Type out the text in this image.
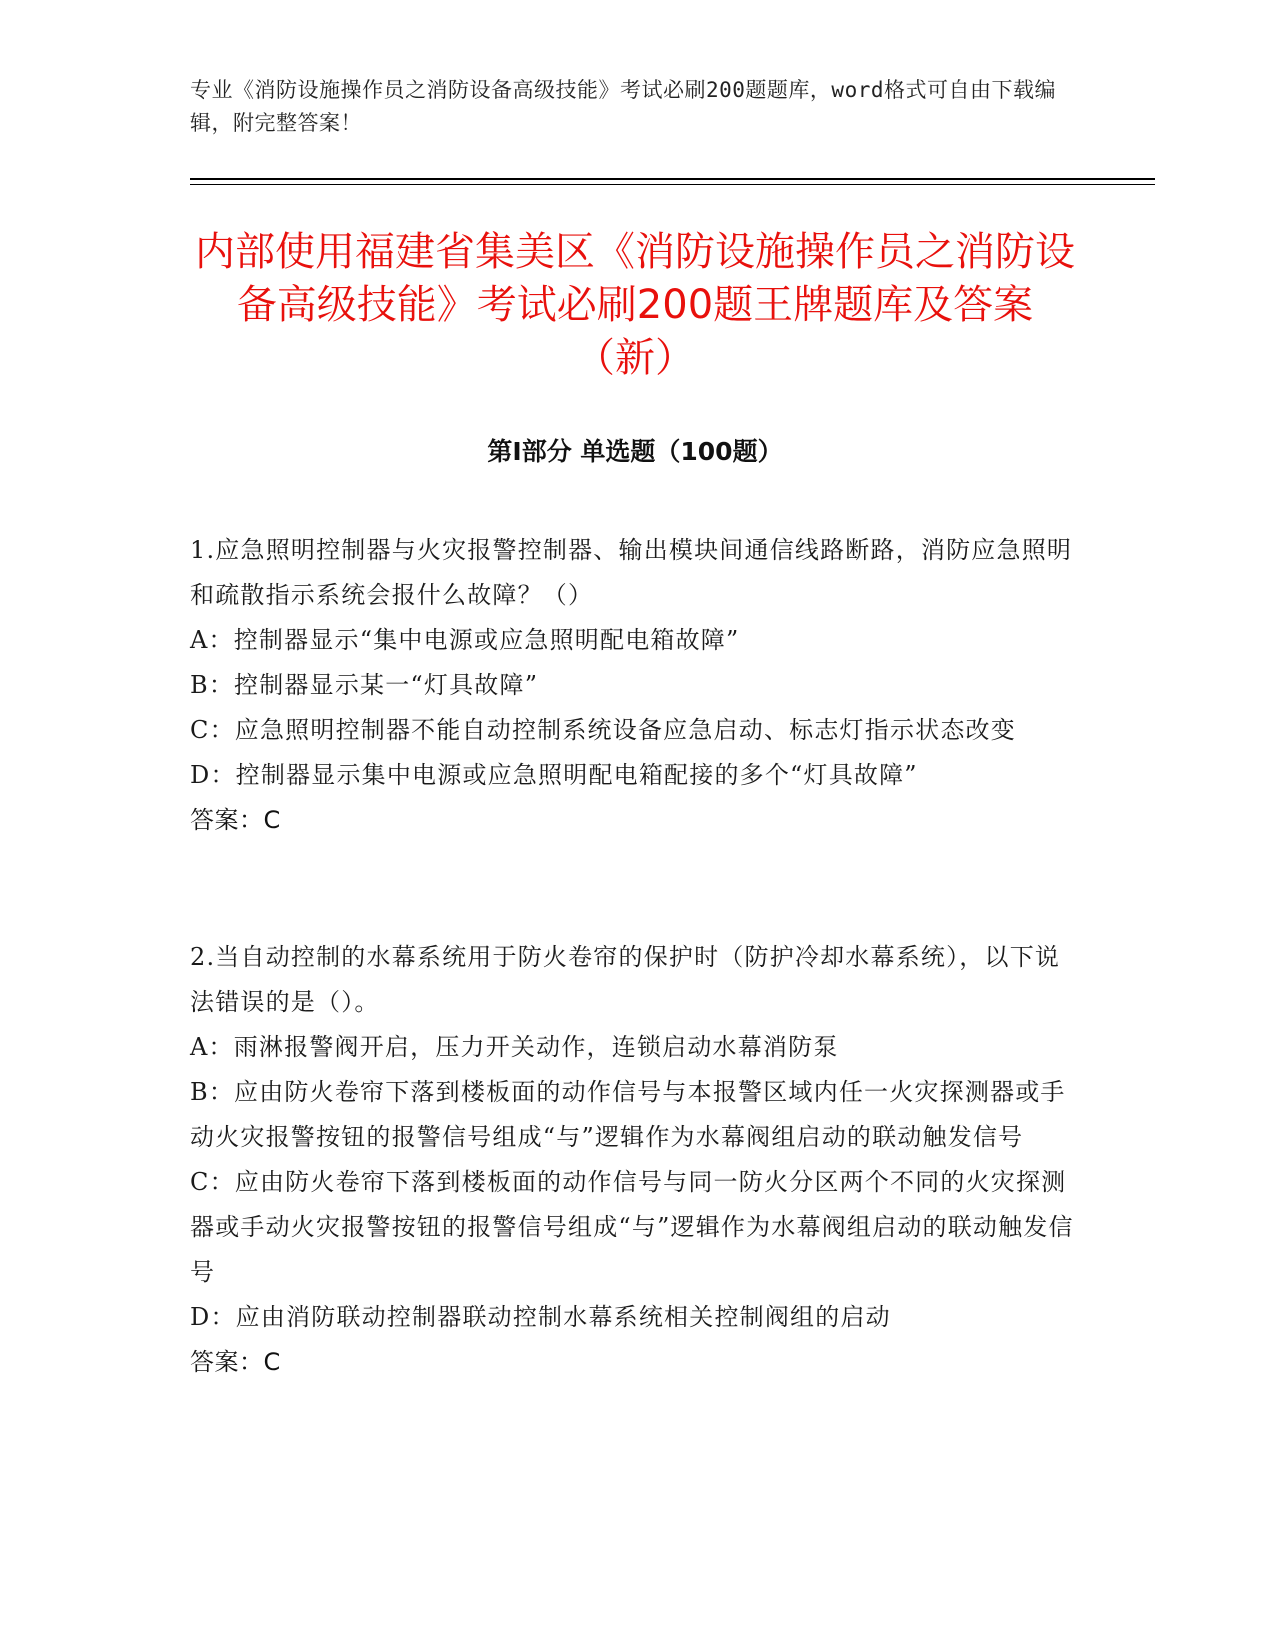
专业《消防设施操作员之消防设备高级技能》考试必刷200题题库，word格式可自由下载编辑，附完整答案！
内部使用福建省集美区《消防设施操作员之消防设备高级技能》考试必刷200题王牌题库及答案（新）
第Ⅰ部分 单选题（100题）

1.应急照明控制器与火灾报警控制器、输出模块间通信线路断路，消防应急照明和疏散指示系统会报什么故障？（）

A：控制器显示“集中电源或应急照明配电箱故障”

B：控制器显示某一“灯具故障”

C：应急照明控制器不能自动控制系统设备应急启动、标志灯指示状态改变

D：控制器显示集中电源或应急照明配电箱配接的多个“灯具故障”

答案：C

2.当自动控制的水幕系统用于防火卷帘的保护时（防护冷却水幕系统），以下说法错误的是（）。

A：雨淋报警阀开启，压力开关动作，连锁启动水幕消防泵

B：应由防火卷帘下落到楼板面的动作信号与本报警区域内任一火灾探测器或手动火灾报警按钮的报警信号组成“与”逻辑作为水幕阀组启动的联动触发信号

C：应由防火卷帘下落到楼板面的动作信号与同一防火分区两个不同的火灾探测器或手动火灾报警按钮的报警信号组成“与”逻辑作为水幕阀组启动的联动触发信号

D：应由消防联动控制器联动控制水幕系统相关控制阀组的启动

答案：C
